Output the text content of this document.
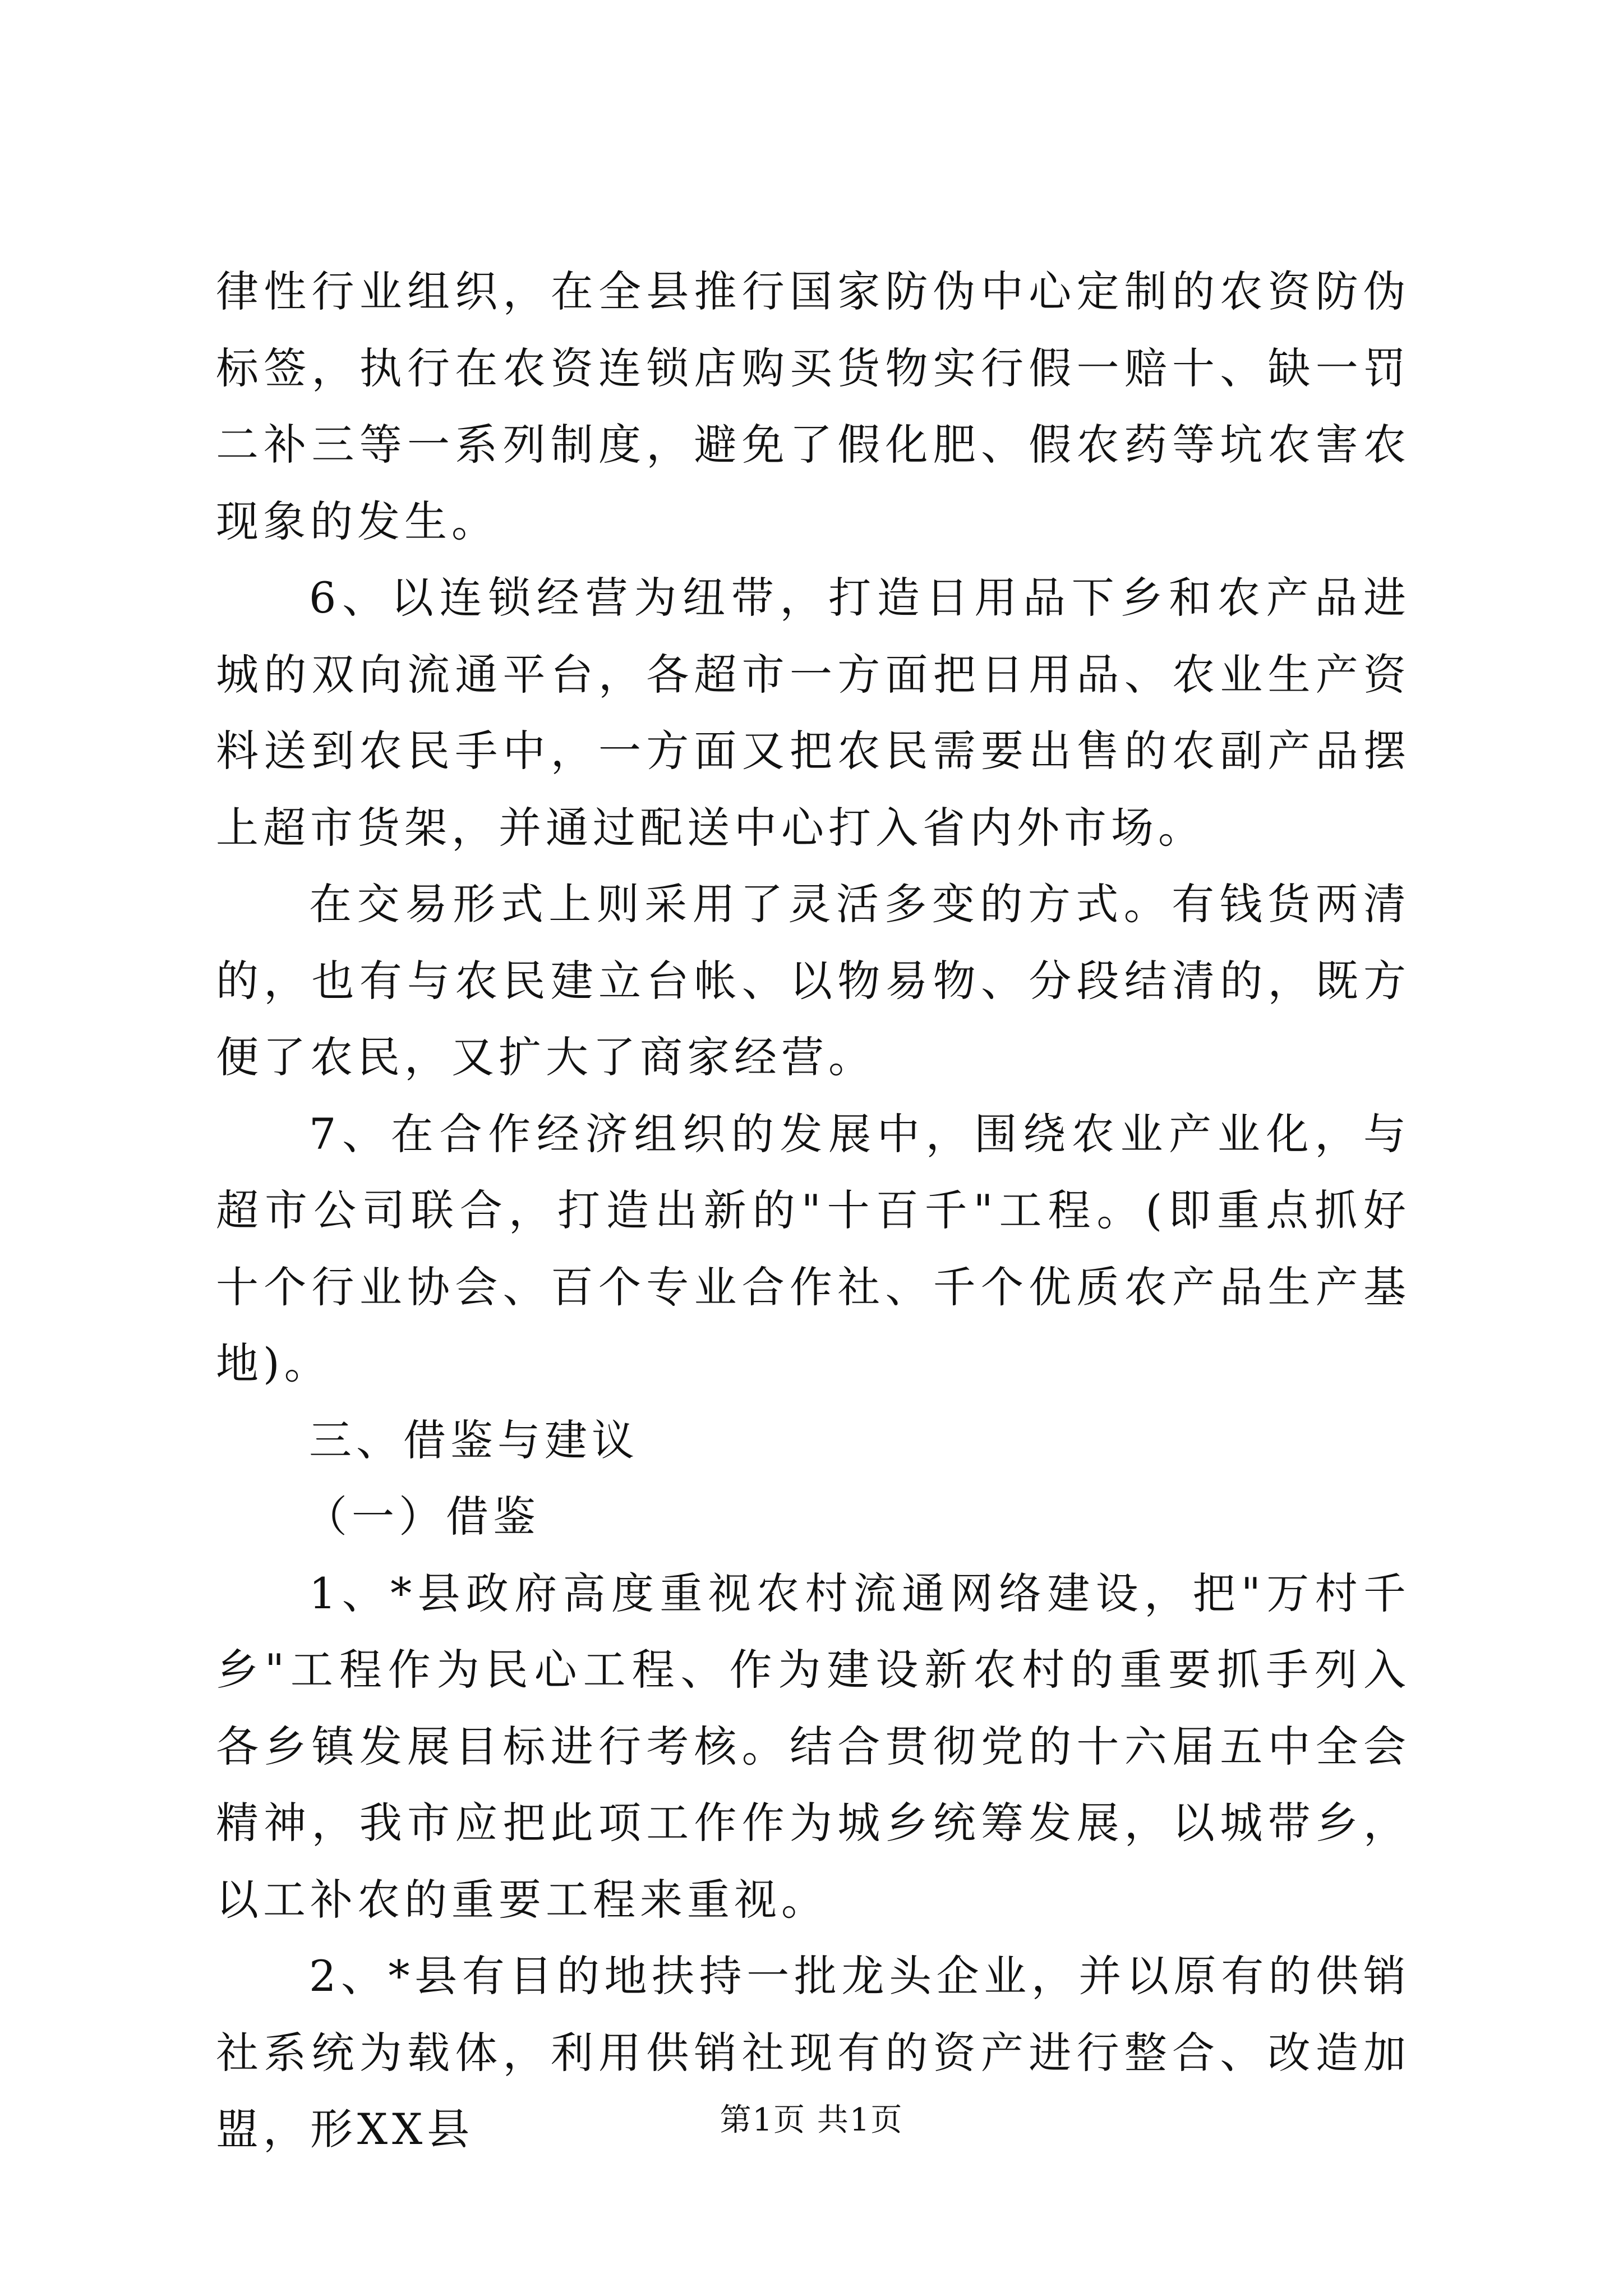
律性行业组织，在全县推行国家防伪中心定制的农资防伪标签，执行在农资连锁店购买货物实行假一赔十、缺一罚二补三等一系列制度，避免了假化肥、假农药等坑农害农现象的发生。

6、以连锁经营为纽带，打造日用品下乡和农产品进城的双向流通平台，各超市一方面把日用品、农业生产资料送到农民手中，一方面又把农民需要出售的农副产品摆上超市货架，并通过配送中心打入省内外市场。

在交易形式上则采用了灵活多变的方式。有钱货两清的，也有与农民建立台帐、以物易物、分段结清的，既方便了农民，又扩大了商家经营。

7、在合作经济组织的发展中，围绕农业产业化，与超市公司联合，打造出新的"十百千"工程。(即重点抓好十个行业协会、百个专业合作社、千个优质农产品生产基地)。

三、借鉴与建议

（一）借鉴

1、*县政府高度重视农村流通网络建设，把"万村千乡"工程作为民心工程、作为建设新农村的重要抓手列入各乡镇发展目标进行考核。结合贯彻党的十六届五中全会精神，我市应把此项工作作为城乡统筹发展，以城带乡，以工补农的重要工程来重视。

2、*县有目的地扶持一批龙头企业，并以原有的供销社系统为载体，利用供销社现有的资产进行整合、改造加盟，形XX县	第1页 共1页
